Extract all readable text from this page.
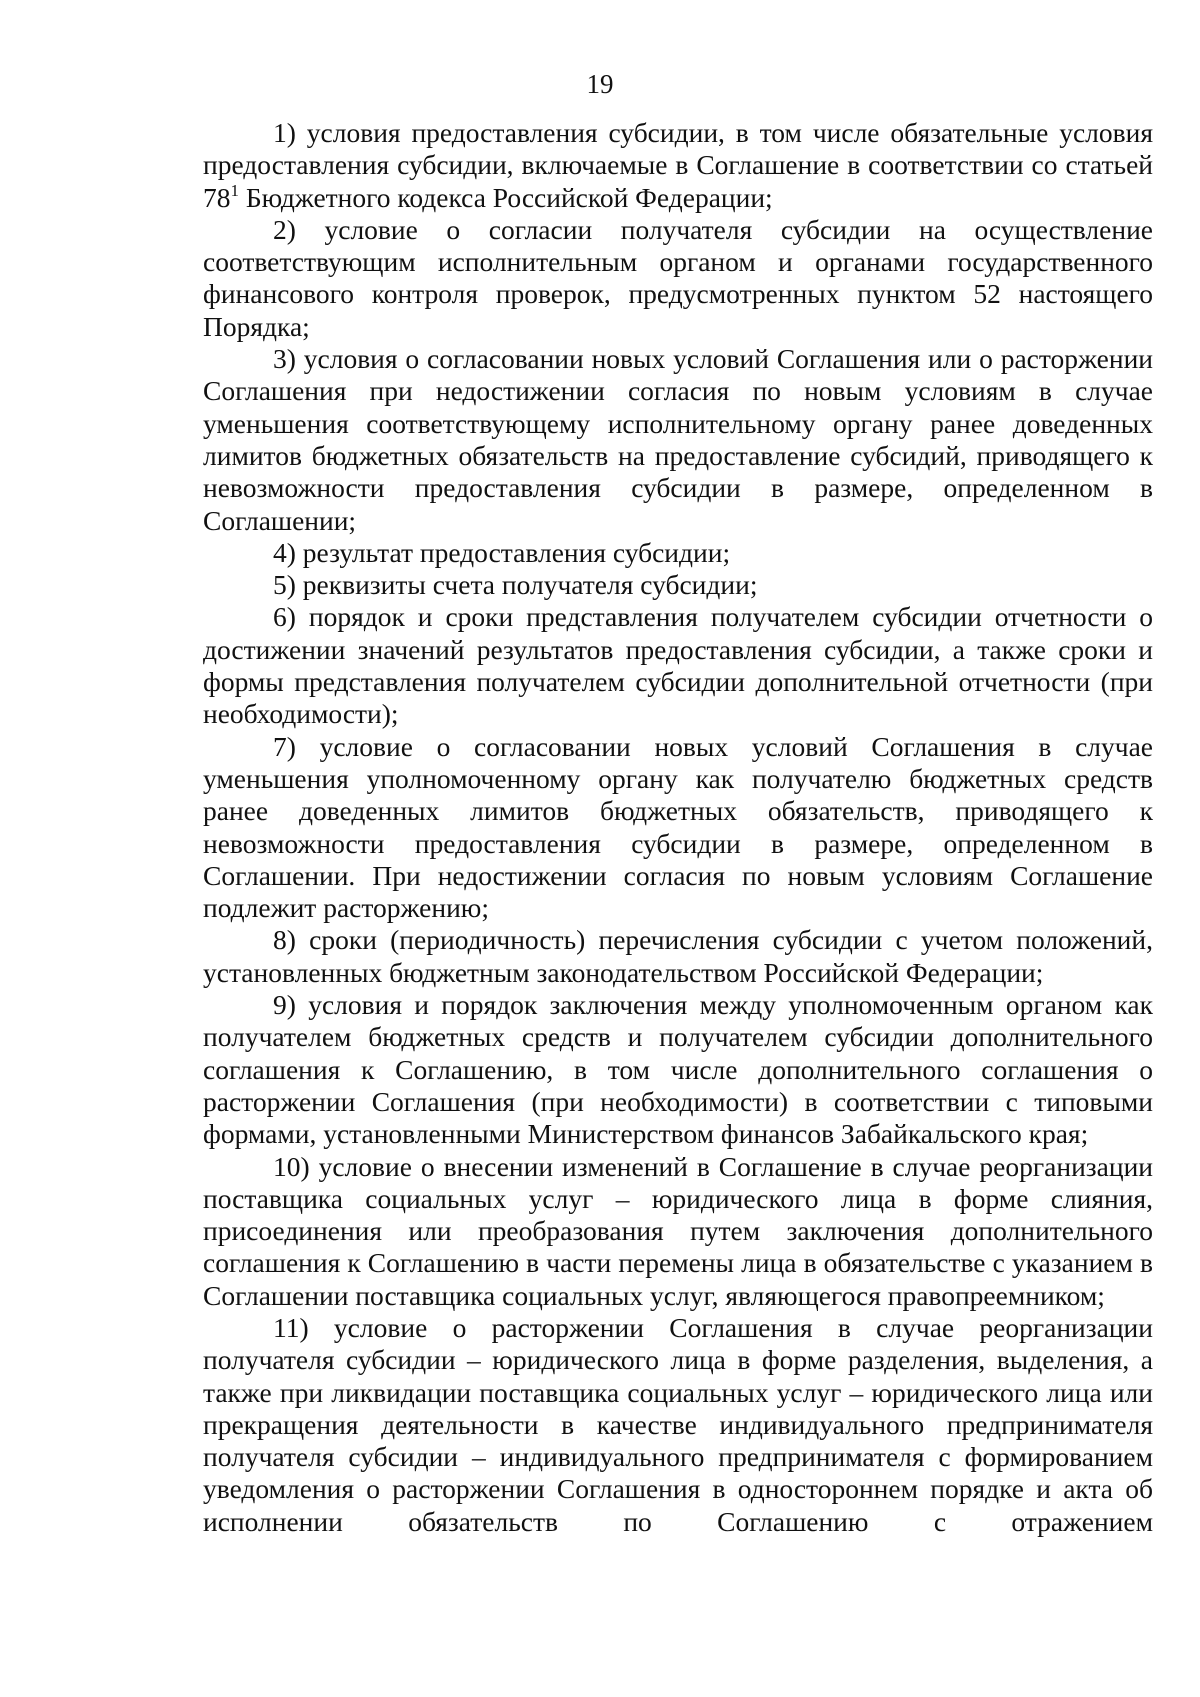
19

1) условия предоставления субсидии, в том числе обязательные условия предоставления субсидии, включаемые в Соглашение в соответствии со статьей $78^1$ Бюджетного кодекса Российской Федерации;

2) условие о согласии получателя субсидии на осуществление соответствующим исполнительным органом и органами государственного финансового контроля проверок, предусмотренных пунктом 52 настоящего Порядка;

3) условия о согласовании новых условий Соглашения или о расторжении Соглашения при недостижении согласия по новым условиям в случае уменьшения соответствующему исполнительному органу ранее доведенных лимитов бюджетных обязательств на предоставление субсидий, приводящего к невозможности предоставления субсидии в размере, определенном в Соглашении;

4) результат предоставления субсидии;

5) реквизиты счета получателя субсидии;

6) порядок и сроки представления получателем субсидии отчетности о достижении значений результатов предоставления субсидии, а также сроки и формы представления получателем субсидии дополнительной отчетности (при необходимости);

7) условие о согласовании новых условий Соглашения в случае уменьшения уполномоченному органу как получателю бюджетных средств ранее доведенных лимитов бюджетных обязательств, приводящего к невозможности предоставления субсидии в размере, определенном в Соглашении. При недостижении согласия по новым условиям Соглашение подлежит расторжению;

8) сроки (периодичность) перечисления субсидии с учетом положений, установленных бюджетным законодательством Российской Федерации;

9) условия и порядок заключения между уполномоченным органом как получателем бюджетных средств и получателем субсидии дополнительного соглашения к Соглашению, в том числе дополнительного соглашения о расторжении Соглашения (при необходимости) в соответствии с типовыми формами, установленными Министерством финансов Забайкальского края;

10) условие о внесении изменений в Соглашение в случае реорганизации поставщика социальных услуг – юридического лица в форме слияния, присоединения или преобразования путем заключения дополнительного соглашения к Соглашению в части перемены лица в обязательстве с указанием в Соглашении поставщика социальных услуг, являющегося правопреемником;

11) условие о расторжении Соглашения в случае реорганизации получателя субсидии – юридического лица в форме разделения, выделения, а также при ликвидации поставщика социальных услуг – юридического лица или прекращения деятельности в качестве индивидуального предпринимателя получателя субсидии – индивидуального предпринимателя с формированием уведомления о расторжении Соглашения в одностороннем порядке и акта об исполнении обязательств по Соглашению с отражением
